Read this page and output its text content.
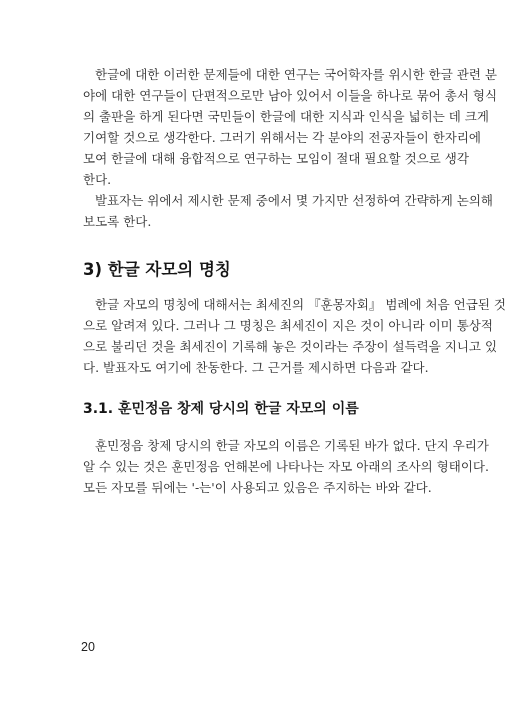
한글에 대한 이러한 문제들에 대한 연구는 국어학자를 위시한 한글 관련 분
야에 대한 연구들이 단편적으로만 남아 있어서 이들을 하나로 묶어 총서 형식
의 출판을 하게 된다면 국민들이 한글에 대한 지식과 인식을 넓히는 데 크게
기여할 것으로 생각한다. 그러기 위해서는 각 분야의 전공자들이 한자리에
모여 한글에 대해 융합적으로 연구하는 모임이 절대 필요할 것으로 생각
한다.

발표자는 위에서 제시한 문제 중에서 몇 가지만 선정하여 간략하게 논의해
보도록 한다.

3) 한글 자모의 명칭

한글 자모의 명칭에 대해서는 최세진의 『훈몽자회』 범례에 처음 언급된 것
으로 알려져 있다. 그러나 그 명칭은 최세진이 지은 것이 아니라 이미 통상적
으로 불리던 것을 최세진이 기록해 놓은 것이라는 주장이 설득력을 지니고 있
다. 발표자도 여기에 찬동한다. 그 근거를 제시하면 다음과 같다.

3.1. 훈민정음 창제 당시의 한글 자모의 이름

훈민정음 창제 당시의 한글 자모의 이름은 기록된 바가 없다. 단지 우리가
알 수 있는 것은 훈민정음 언해본에 나타나는 자모 아래의 조사의 형태이다.
모든 자모를 뒤에는 '-는'이 사용되고 있음은 주지하는 바와 같다.

20
